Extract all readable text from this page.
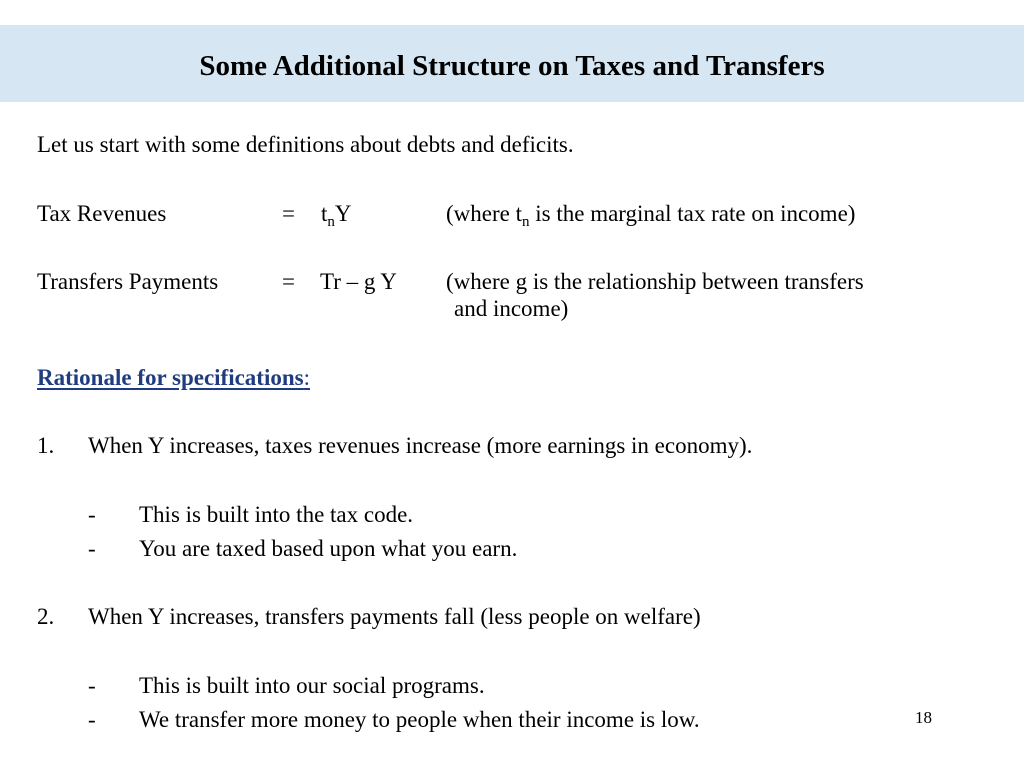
Some Additional Structure on Taxes and Transfers
Let us start with some definitions about debts and deficits.
Tax Revenues	= $t_nY$	(where $t_n$ is the marginal tax rate on income)
Transfers Payments	= Tr – g Y (where g is the relationship between transfers
and income)
Rationale for specifications:
1. When Y increases, taxes revenues increase (more earnings in economy).
- This is built into the tax code.
- You are taxed based upon what you earn.
2. When Y increases, transfers payments fall (less people on welfare)
- This is built into our social programs.
- We transfer more money to people when their income is low.	18
